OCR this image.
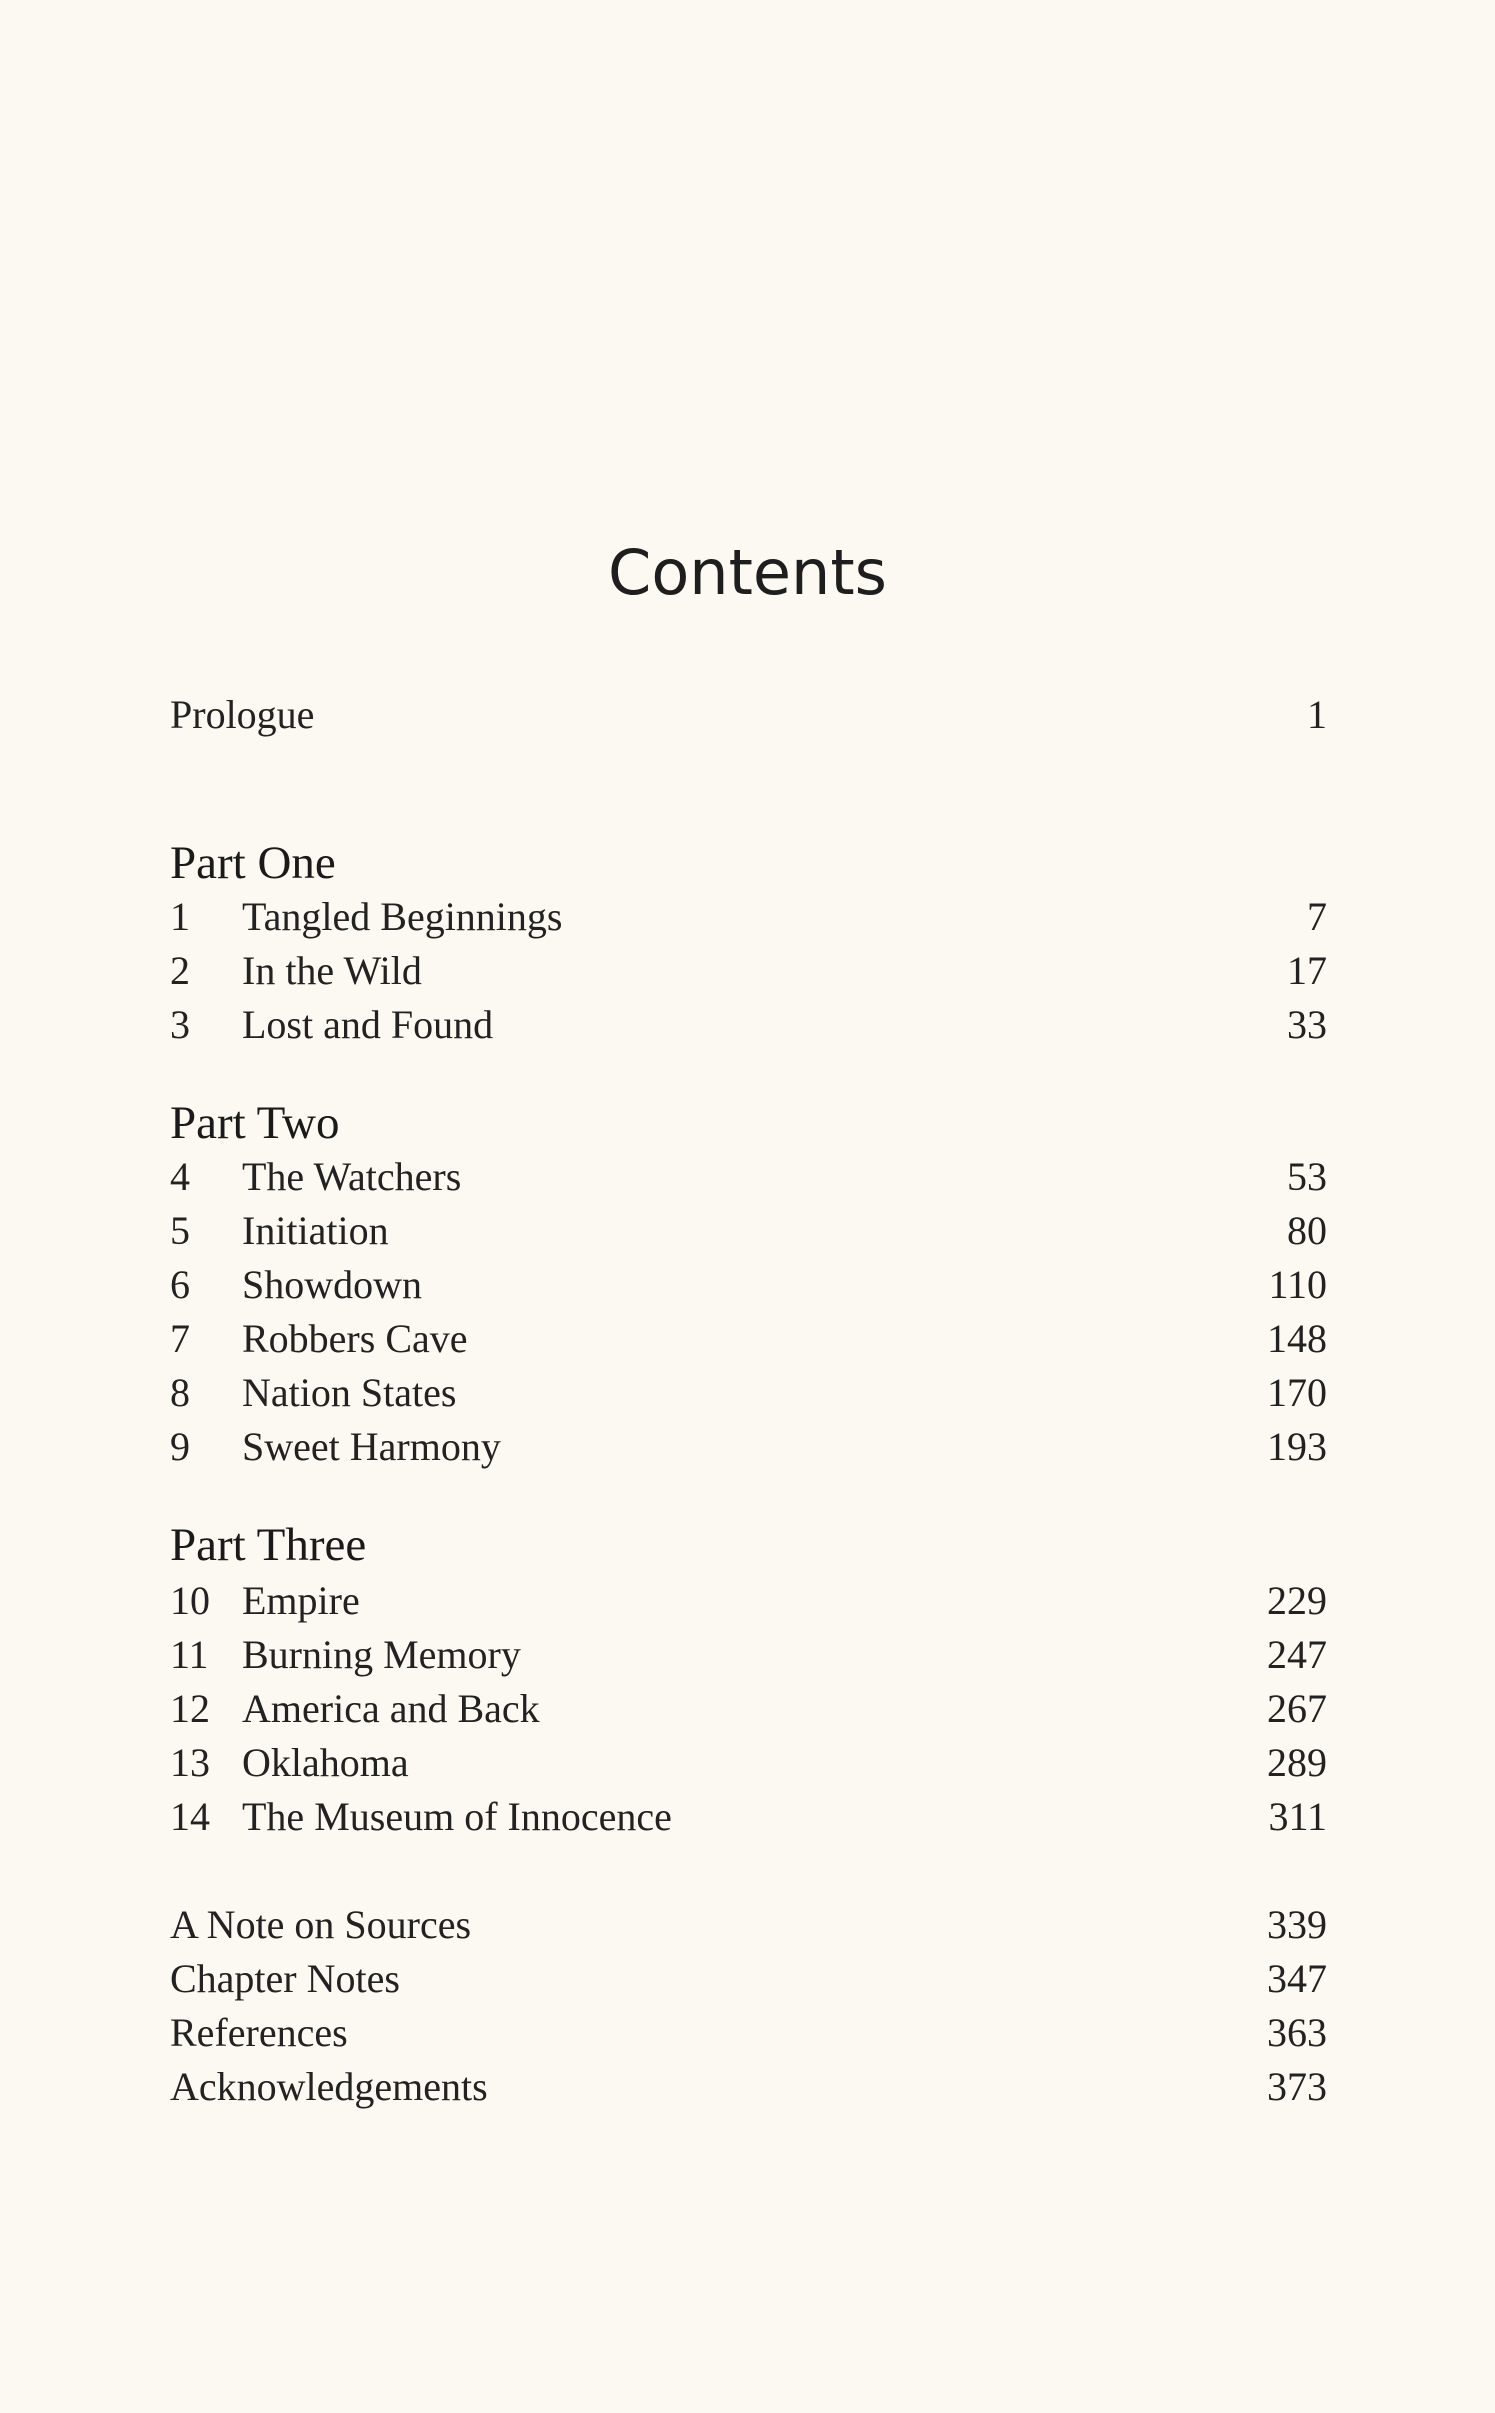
Contents
Prologue	1
Part One
1 Tangled Beginnings	7
2 In the Wild	17
3 Lost and Found	33
Part Two
4 The Watchers	53
5 Initiation	80
6 Showdown	110
7 Robbers Cave	148
8 Nation States	170
9 Sweet Harmony	193
Part Three
10 Empire	229
11 Burning Memory	247
12 America and Back	267
13 Oklahoma	289
14 The Museum of Innocence	311
A Note on Sources	339
Chapter Notes	347
References	363
Acknowledgements	373
